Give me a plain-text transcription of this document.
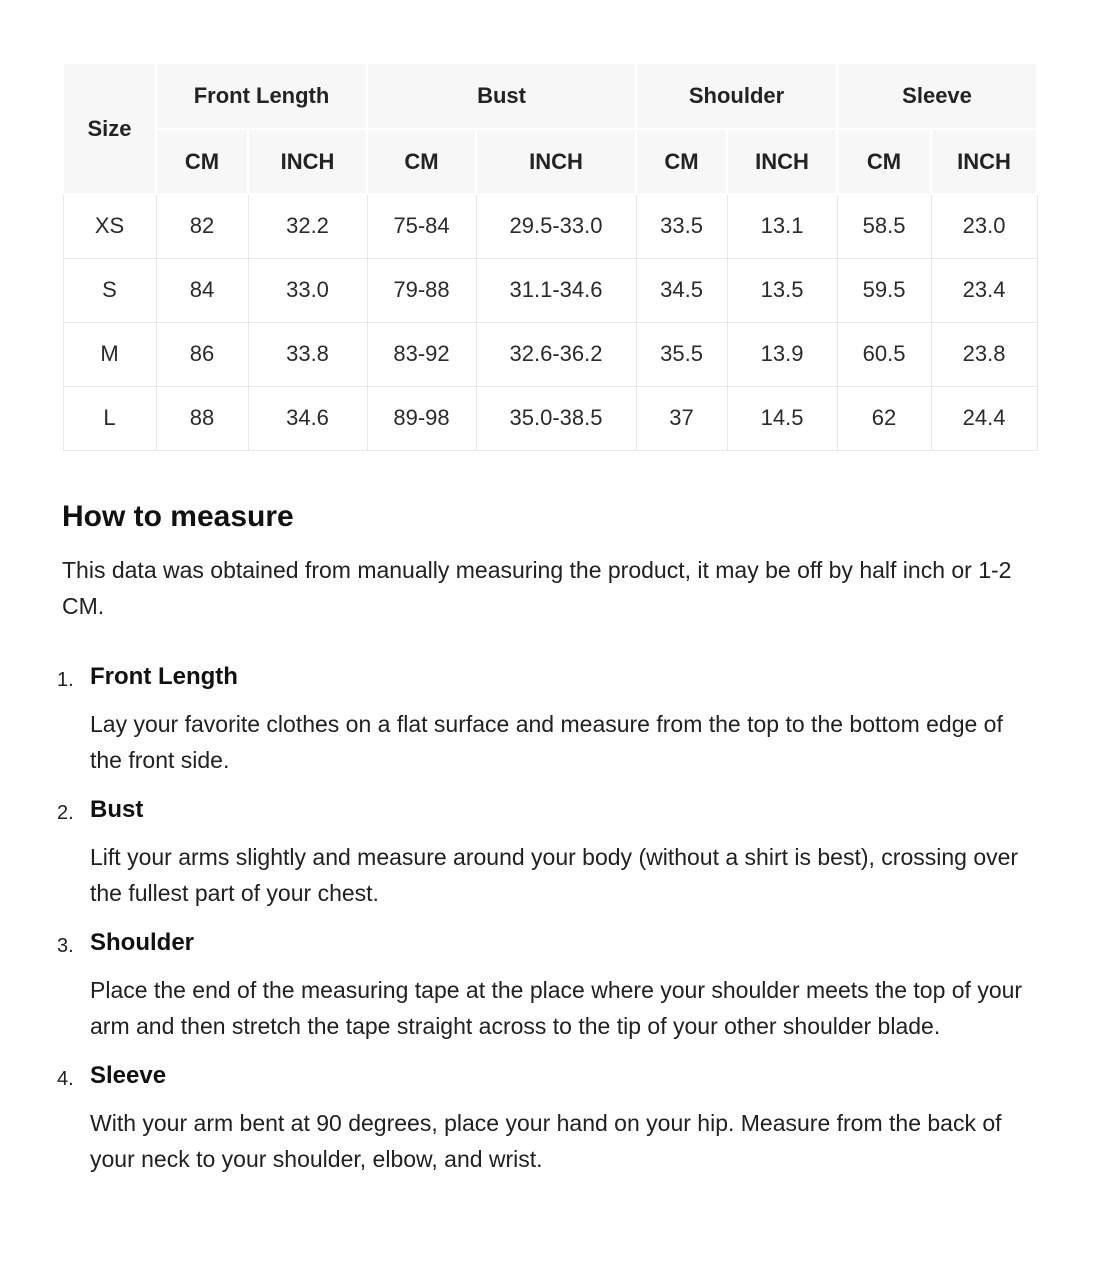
Size	Front Length		Bust		Shoulder		Sleeve	
	CM	INCH	CM	INCH	CM	INCH	CM	INCH
XS	82	32.2	75-84	29.5-33.0	33.5	13.1	58.5	23.0
S	84	33.0	79-88	31.1-34.6	34.5	13.5	59.5	23.4
M	86	33.8	83-92	32.6-36.2	35.5	13.9	60.5	23.8
L	88	34.6	89-98	35.0-38.5	37	14.5	62	24.4
How to measure

This data was obtained from manually measuring the product, it may be off by half inch or 1-2 CM.

1. Front Length
Lay your favorite clothes on a flat surface and measure from the top to the bottom edge of the front side.
2. Bust
Lift your arms slightly and measure around your body (without a shirt is best), crossing over the fullest part of your chest.
3. Shoulder
Place the end of the measuring tape at the place where your shoulder meets the top of your arm and then stretch the tape straight across to the tip of your other shoulder blade.
4. Sleeve
With your arm bent at 90 degrees, place your hand on your hip. Measure from the back of your neck to your shoulder, elbow, and wrist.
